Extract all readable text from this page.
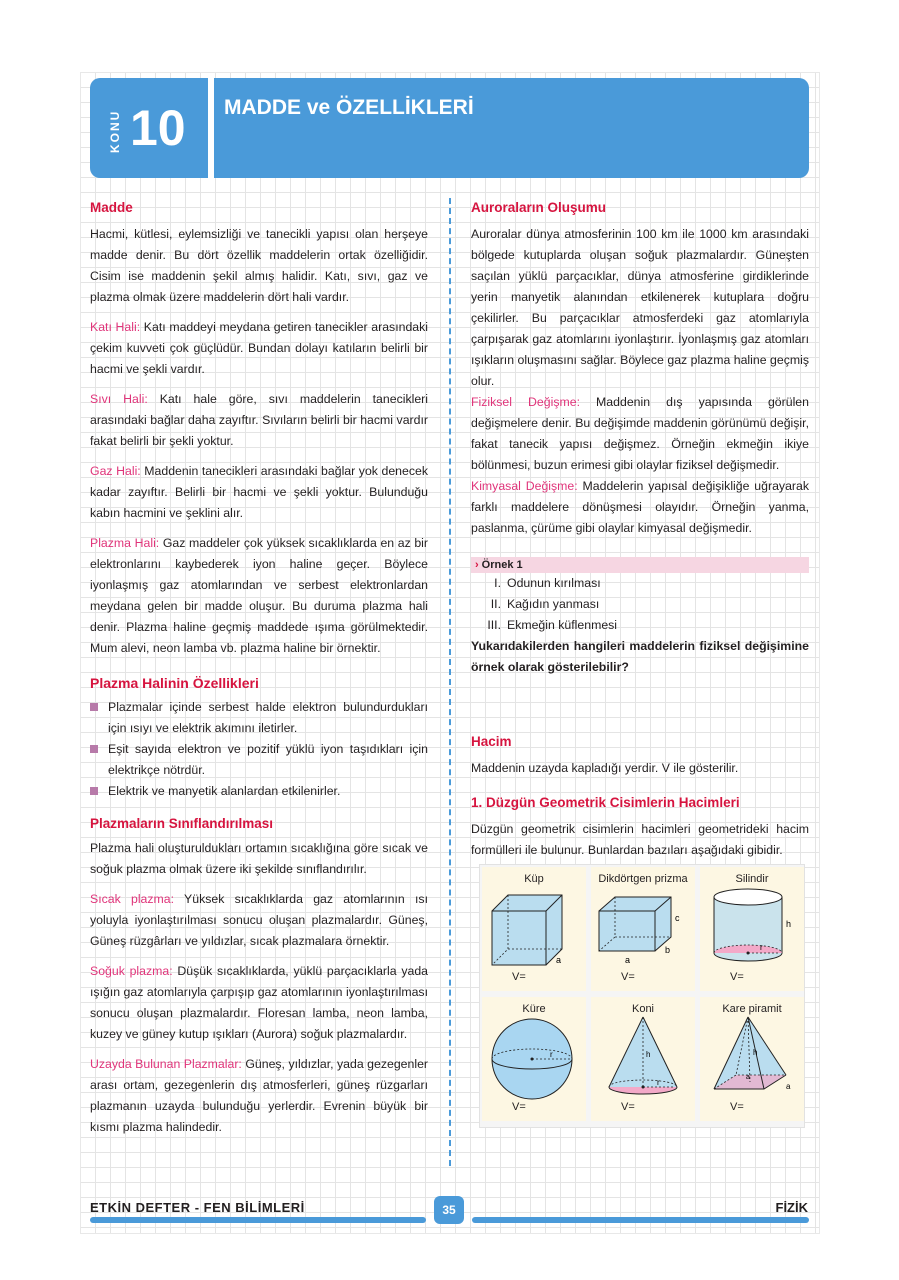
KONU 10 MADDE ve ÖZELLİKLERİ
Madde

Hacmi, kütlesi, eylemsizliği ve tanecikli yapısı olan herşeye madde denir. Bu dört özellik maddelerin ortak özelliğidir. Cisim ise maddenin şekil almış halidir. Katı, sıvı, gaz ve plazma olmak üzere maddelerin dört hali vardır.

Katı Hali: Katı maddeyi meydana getiren tanecikler arasındaki çekim kuvveti çok güçlüdür. Bundan dolayı katıların belirli bir hacmi ve şekli vardır.

Sıvı Hali: Katı hale göre, sıvı maddelerin tanecikleri arasındaki bağlar daha zayıftır. Sıvıların belirli bir hacmi vardır fakat belirli bir şekli yoktur.

Gaz Hali: Maddenin tanecikleri arasındaki bağlar yok denecek kadar zayıftır. Belirli bir hacmi ve şekli yoktur. Bulunduğu kabın hacmini ve şeklini alır.

Plazma Hali: Gaz maddeler çok yüksek sıcaklıklarda en az bir elektronlarını kaybederek iyon haline geçer. Böylece iyonlaşmış gaz atomlarından ve serbest elektronlardan meydana gelen bir madde oluşur. Bu duruma plazma hali denir. Plazma haline geçmiş maddede ışıma görülmektedir. Mum alevi, neon lamba vb. plazma haline bir örnektir.

Plazma Halinin Özellikleri
Plazmalar içinde serbest halde elektron bulundurdukları için ısıyı ve elektrik akımını iletirler.
Eşit sayıda elektron ve pozitif yüklü iyon taşıdıkları için elektrikçe nötrdür.
Elektrik ve manyetik alanlardan etkilenirler.
Plazmaların Sınıflandırılması

Plazma hali oluşturuldukları ortamın sıcaklığına göre sıcak ve soğuk plazma olmak üzere iki şekilde sınıflandırılır.

Sıcak plazma: Yüksek sıcaklıklarda gaz atomlarının ısı yoluyla iyonlaştırılması sonucu oluşan plazmalardır. Güneş, Güneş rüzgârları ve yıldızlar, sıcak plazmalara örnektir.

Soğuk plazma: Düşük sıcaklıklarda, yüklü parçacıklarla yada ışığın gaz atomlarıyla çarpışıp gaz atomlarının iyonlaştırılması sonucu oluşan plazmalardır. Floresan lamba, neon lamba, kuzey ve güney kutup ışıkları (Aurora) soğuk plazmalardır.

Uzayda Bulunan Plazmalar: Güneş, yıldızlar, yada gezegenler arası ortam, gezegenlerin dış atmosferleri, güneş rüzgarları plazmanın uzayda bulunduğu yerlerdir. Evrenin büyük bir kısmı plazma halindedir.

Auroraların Oluşumu

Auroralar dünya atmosferinin 100 km ile 1000 km arasındaki bölgede kutuplarda oluşan soğuk plazmalardır. Güneşten saçılan yüklü parçacıklar, dünya atmosferine girdiklerinde yerin manyetik alanından etkilenerek kutuplara doğru çekilirler. Bu parçacıklar atmosferdeki gaz atomlarıyla çarpışarak gaz atomlarını iyonlaştırır. İyonlaşmış gaz atomları ışıkların oluşmasını sağlar. Böylece gaz plazma haline geçmiş olur.

Fiziksel Değişme: Maddenin dış yapısında görülen değişmelere denir. Bu değişimde maddenin görünümü değişir, fakat tanecik yapısı değişmez. Örneğin ekmeğin ikiye bölünmesi, buzun erimesi gibi olaylar fiziksel değişmedir.

Kimyasal Değişme: Maddelerin yapısal değişikliğe uğrayarak farklı maddelere dönüşmesi olayıdır. Örneğin yanma, paslanma, çürüme gibi olaylar kimyasal değişmedir.

› Örnek 1
I. Odunun kırılması
II. Kağıdın yanması
III. Ekmeğin küflenmesi

Yukarıdakilerden hangileri maddelerin fiziksel değişimine örnek olarak gösterilebilir?

Hacim

Maddenin uzayda kapladığı yerdir. V ile gösterilir.

1. Düzgün Geometrik Cisimlerin Hacimleri

Düzgün geometrik cisimlerin hacimleri geometrideki hacim formülleri ile bulunur. Bunlardan bazıları aşağıdaki gibidir.

Küp
a
V=
Dikdörtgen prizma
c
b
a
V=
Silindir
r
h
V=
Küre
r
V=
Koni
h
r
V=
Kare piramit
h
a
a
V=
ETKİN DEFTER - FEN BİLİMLERİ	35	FİZİK
